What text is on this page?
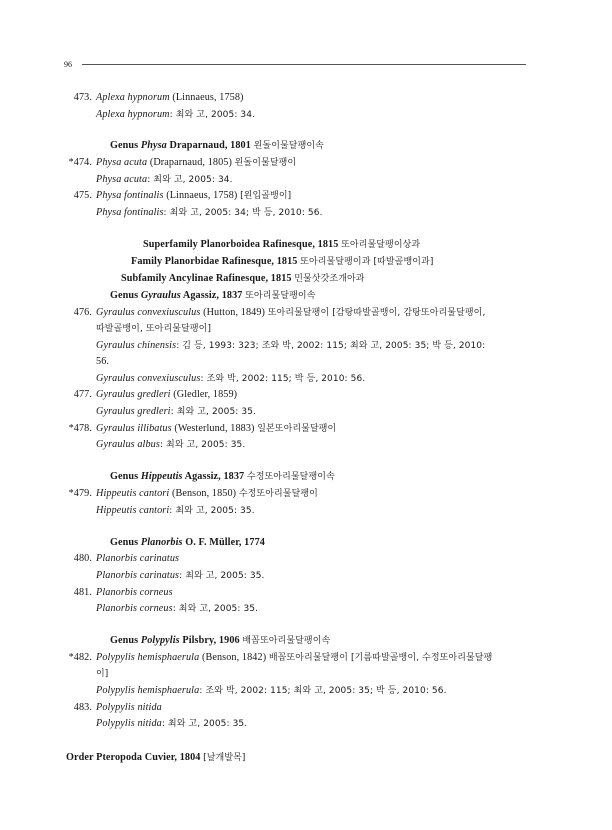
96
473. Aplexa hypnorum (Linnaeus, 1758)
Aplexa hypnorum: 최와 고, 2005: 34.
Genus Physa Draparnaud, 1801 왼돌이물달팽이속
*474. Physa acuta (Draparnaud, 1805) 왼돌이물달팽이
Physa acuta: 최와 고, 2005: 34.
475. Physa fontinalis (Linnaeus, 1758) [왼입골뱅이]
Physa fontinalis: 최와 고, 2005: 34; 박 등, 2010: 56.
Superfamily Planorboidea Rafinesque, 1815 또아리물달팽이상과
Family Planorbidae Rafinesque, 1815 또아리물달팽이과 [따발골뱅이과]
Subfamily Ancylinae Rafinesque, 1815 민물삿갓조개아과
Genus Gyraulus Agassiz, 1837 또아리물달팽이속
476. Gyraulus convexiusculus (Hutton, 1849) 또아리물달팽이 [감탕따발골뱅이, 감탕또아리물달팽이,
따발골뱅이, 또아리물달팽이]
Gyraulus chinensis: 김 등, 1993: 323; 조와 박, 2002: 115; 최와 고, 2005: 35; 박 등, 2010:
56.
Gyraulus convexiusculus: 조와 박, 2002: 115; 박 등, 2010: 56.
477. Gyraulus gredleri (Gledler, 1859)
Gyraulus gredleri: 최와 고, 2005: 35.
*478. Gyraulus illibatus (Westerlund, 1883) 일본또아리물달팽이
Gyraulus albus: 최와 고, 2005: 35.
Genus Hippeutis Agassiz, 1837 수정또아리물달팽이속
*479. Hippeutis cantori (Benson, 1850) 수정또아리물달팽이
Hippeutis cantori: 최와 고, 2005: 35.
Genus Planorbis O. F. Müller, 1774
480. Planorbis carinatus
Planorbis carinatus: 최와 고, 2005: 35.
481. Planorbis corneus
Planorbis corneus: 최와 고, 2005: 35.
Genus Polypylis Pilsbry, 1906 배꼽또아리물달팽이속
*482. Polypylis hemisphaerula (Benson, 1842) 배꼽또아리물달팽이 [기름따발골뱅이, 수정또아리물달팽
이]
Polypylis hemisphaerula: 조와 박, 2002: 115; 최와 고, 2005: 35; 박 등, 2010: 56.
483. Polypylis nitida
Polypylis nitida: 최와 고, 2005: 35.
Order Pteropoda Cuvier, 1804 [날개발목]
